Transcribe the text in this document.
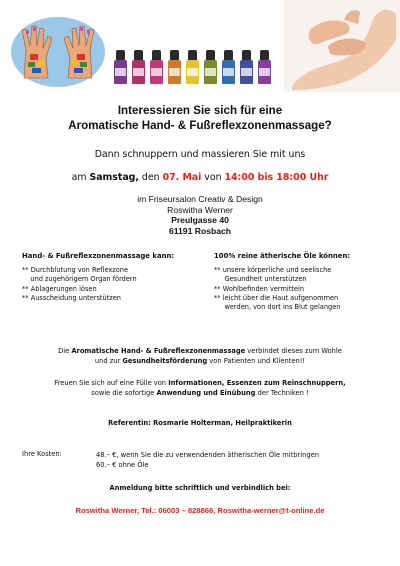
Interessieren Sie sich für eine
Aromatische Hand- & Fußreflexzonenmassage?
Dann schnuppern und massieren Sie mit uns
am Samstag, den 07. Mai von 14:00 bis 18:00 Uhr
im Friseursalon Creativ & Design
Roswitha Werner
Preulgasse 40
61191 Rosbach
Hand- & Fußreflexzonenmassage kann:
** Durchblutung von Reflexzone
und zugehörigem Organ fördern
** Ablagerungen lösen
** Ausscheidung unterstützen
100% reine ätherische Öle können:
** unsere körperliche und seelische
Gesundheit unterstützen
** Wohlbefinden vermitteln
** leicht über die Haut aufgenommen
werden, von dort ins Blut gelangen
Die Aromatische Hand- & Fußreflexzonenmassage verbindet dieses zum Wohle
und zur Gesundheitsförderung von Patienten und Klienten!!
Freuen Sie sich auf eine Fülle von Informationen, Essenzen zum Reinschnuppern,
sowie die sofortige Anwendung und Einübung der Techniken !
Referentin: Rosmarie Holterman, Heilpraktikerin
Ihre Kosten:	48.– €, wenn Sie die zu verwendenden ätherischen Öle mitbringen
60.– € ohne Öle
Anmeldung bitte schriftlich und verbindlich bei:
Roswitha Werner, Tel.: 06003 – 828866, Roswitha-werner@t-online.de
